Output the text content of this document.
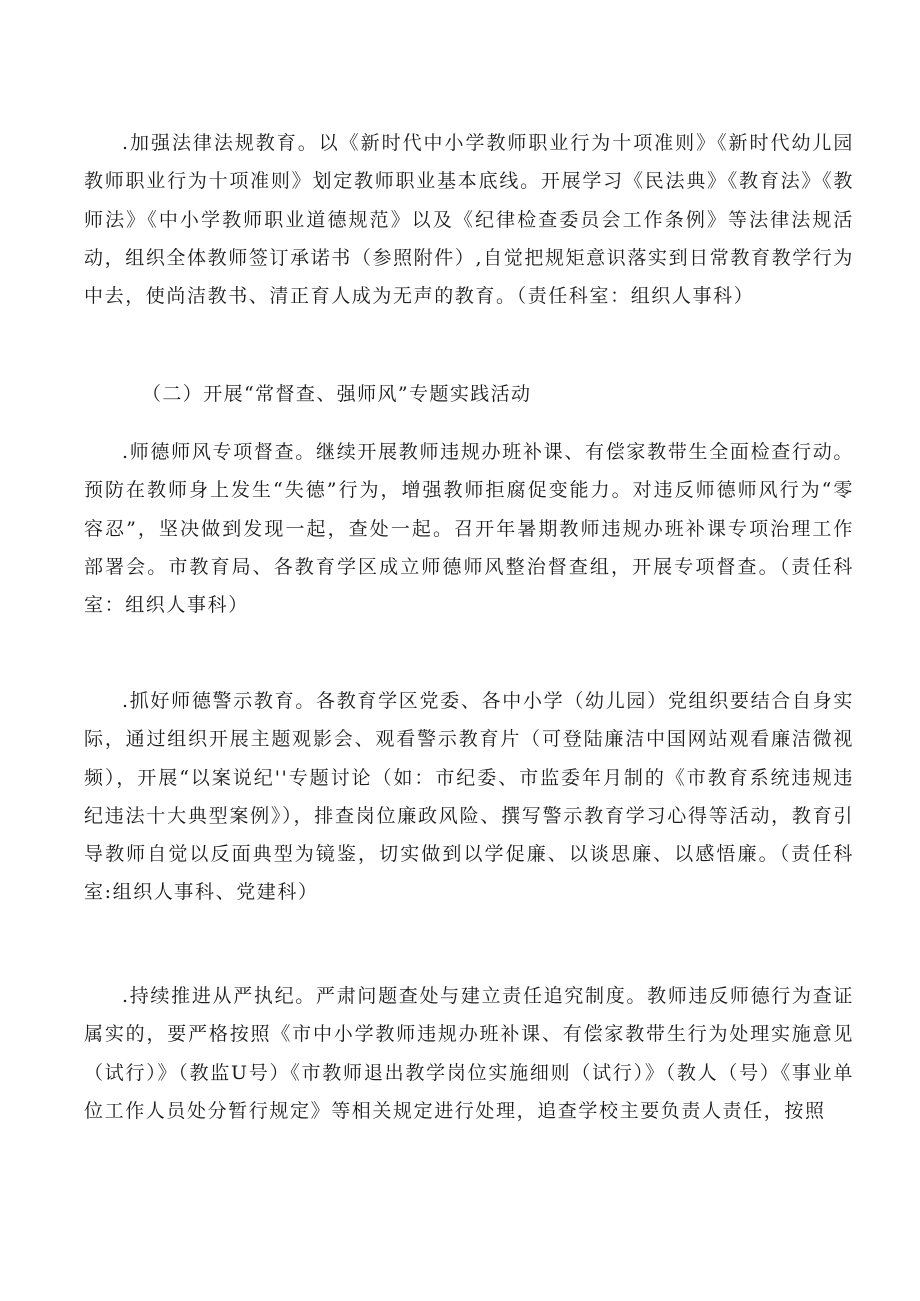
.加强法律法规教育。以《新时代中小学教师职业行为十项准则》《新时代幼儿园教师职业行为十项准则》划定教师职业基本底线。开展学习《民法典》《教育法》《教师法》《中小学教师职业道德规范》以及《纪律检查委员会工作条例》等法律法规活动，组织全体教师签订承诺书（参照附件）,自觉把规矩意识落实到日常教育教学行为中去，使尚洁教书、清正育人成为无声的教育。（责任科室：组织人事科）

（二）开展“常督查、强师风”专题实践活动

.师德师风专项督查。继续开展教师违规办班补课、有偿家教带生全面检查行动。预防在教师身上发生“失德”行为，增强教师拒腐促变能力。对违反师德师风行为“零容忍”，坚决做到发现一起，查处一起。召开年暑期教师违规办班补课专项治理工作部署会。市教育局、各教育学区成立师德师风整治督查组，开展专项督查。（责任科室：组织人事科）

.抓好师德警示教育。各教育学区党委、各中小学（幼儿园）党组织要结合自身实际，通过组织开展主题观影会、观看警示教育片（可登陆廉洁中国网站观看廉洁微视频），开展“以案说纪''专题讨论（如：市纪委、市监委年月制的《市教育系统违规违纪违法十大典型案例》），排查岗位廉政风险、撰写警示教育学习心得等活动，教育引导教师自觉以反面典型为镜鉴，切实做到以学促廉、以谈思廉、以感悟廉。（责任科室:组织人事科、党建科）

.持续推进从严执纪。严肃问题查处与建立责任追究制度。教师违反师德行为查证属实的，要严格按照《市中小学教师违规办班补课、有偿家教带生行为处理实施意见（试行）》（教监U号）《市教师退出教学岗位实施细则（试行）》（教人（号）《事业单位工作人员处分暂行规定》等相关规定进行处理，追查学校主要负责人责任，按照
